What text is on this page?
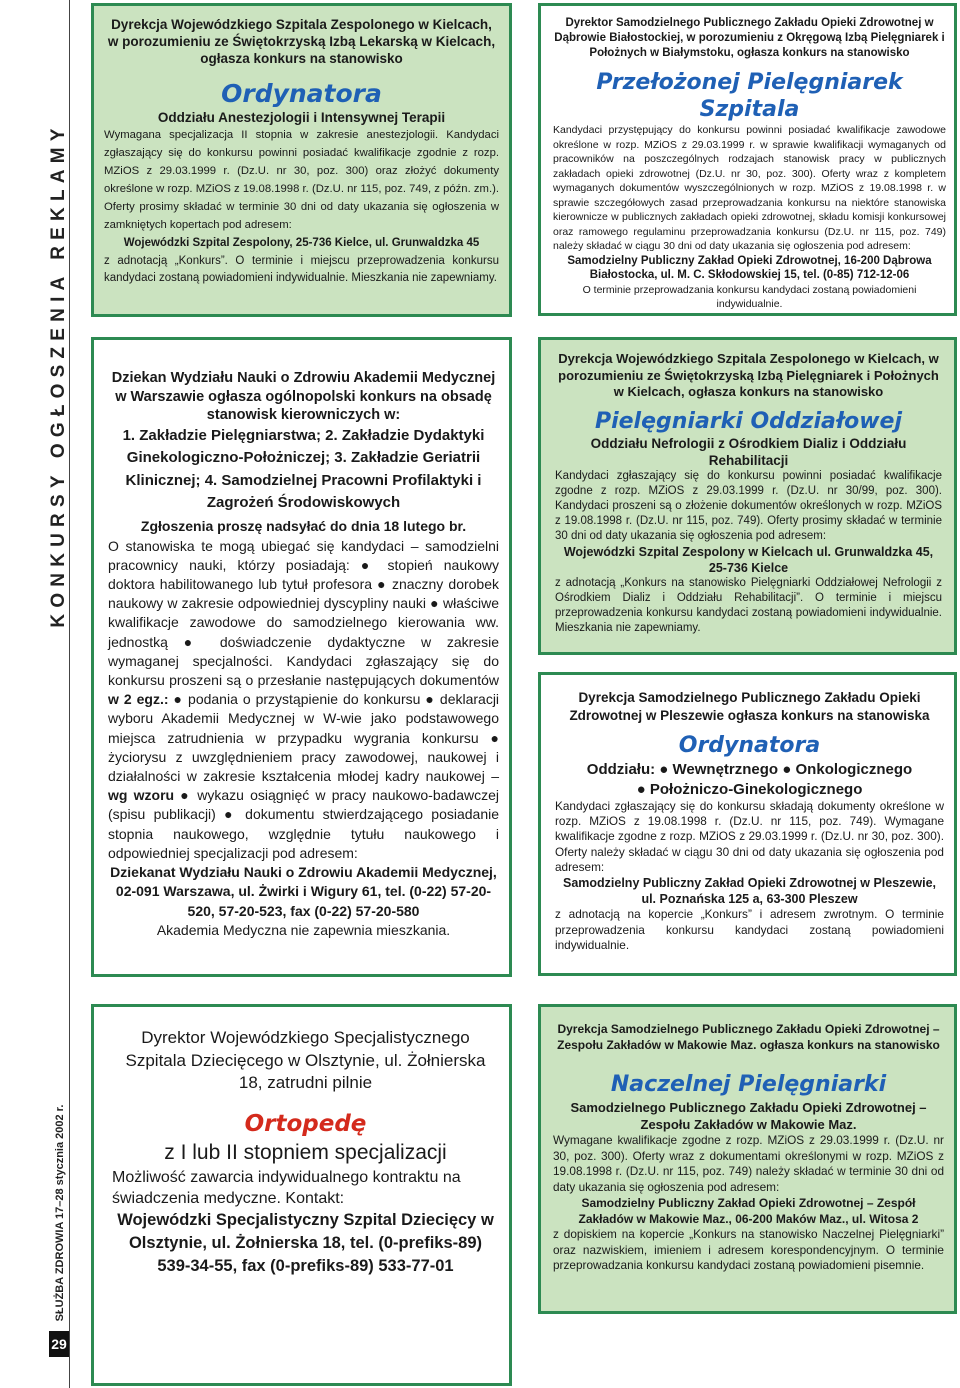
KONKURSY OGŁOSZENIA REKLAMY
SŁUŻBA ZDROWIA 17–28 stycznia 2002 r.
29

Dyrekcja Wojewódzkiego Szpitala Zespolonego w Kielcach, w porozumieniu ze Świętokrzyską Izbą Lekarską w Kielcach, ogłasza konkurs na stanowisko

Ordynatora

Oddziału Anestezjologii i Intensywnej Terapii

Wymagana specjalizacja II stopnia w zakresie anestezjologii. Kandydaci zgłaszający się do konkursu powinni posiadać kwalifikacje zgodnie z rozp. MZiOS z 29.03.1999 r. (Dz.U. nr 30, poz. 300) oraz złożyć dokumenty określone w rozp. MZiOS z 19.08.1998 r. (Dz.U. nr 115, poz. 749, z późn. zm.). Oferty prosimy składać w terminie 30 dni od daty ukazania się ogłoszenia w zamkniętych kopertach pod adresem:

Wojewódzki Szpital Zespolony, 25-736 Kielce, ul. Grunwaldzka 45

z adnotacją „Konkurs”. O terminie i miejscu przeprowadzenia konkursu kandydaci zostaną powiadomieni indywidualnie. Mieszkania nie zapewniamy.

Dziekan Wydziału Nauki o Zdrowiu Akademii Medycznej w Warszawie ogłasza ogólnopolski konkurs na obsadę stanowisk kierowniczych w:

1. Zakładzie Pielęgniarstwa; 2. Zakładzie Dydaktyki Ginekologiczno-Położniczej; 3. Zakładzie Geriatrii Klinicznej; 4. Samodzielnej Pracowni Profilaktyki i Zagrożeń Środowiskowych

Zgłoszenia proszę nadsyłać do dnia 18 lutego br.

O stanowiska te mogą ubiegać się kandydaci – samodzielni pracownicy nauki, którzy posiadają: ●	stopień naukowy doktora habilitowanego lub tytuł profesora ● znaczny dorobek naukowy w zakresie odpowiedniej dyscypliny nauki ● właściwe kwalifikacje zawodowe do samodzielnego kierowania ww. jednostką ●	doświadczenie dydaktyczne w zakresie wymaganej specjalności. Kandydaci zgłaszający się do konkursu proszeni są o przesłanie następujących dokumentów w 2 egz.: ● podania o przystąpienie do konkursu ● deklaracji wyboru Akademii Medycznej w W-wie jako podstawowego miejsca zatrudnienia w przypadku wygrania konkursu ● życiorysu z uwzględnieniem pracy zawodowej, naukowej i działalności w zakresie kształcenia młodej kadry naukowej – wg wzoru ● wykazu osiągnięć w pracy naukowo-badawczej (spisu publikacji) ● dokumentu stwierdzającego posiadanie stopnia naukowego, względnie tytułu naukowego i odpowiedniej specjalizacji pod adresem:

Dziekanat Wydziału Nauki o Zdrowiu Akademii Medycznej, 02-091 Warszawa, ul. Żwirki i Wigury 61, tel. (0-22) 57-20-520, 57-20-523, fax (0-22) 57-20-580

Akademia Medyczna nie zapewnia mieszkania.

Dyrektor Wojewódzkiego Specjalistycznego Szpitala Dziecięcego w Olsztynie, ul. Żołnierska 18, zatrudni pilnie

Ortopedę

z I lub II stopniem specjalizacji

Możliwość zawarcia indywidualnego kontraktu na świadczenia medyczne. Kontakt:

Wojewódzki Specjalistyczny Szpital Dziecięcy w Olsztynie, ul. Żołnierska 18, tel. (0-prefiks-89) 539-34-55, fax (0-prefiks-89) 533-77-01

Dyrektor Samodzielnego Publicznego Zakładu Opieki Zdrowotnej w Dąbrowie Białostockiej, w porozumieniu z Okręgową Izbą Pielęgniarek i Położnych w Białymstoku, ogłasza konkurs na stanowisko

Przełożonej Pielęgniarek Szpitala

Kandydaci przystępujący do konkursu powinni posiadać kwalifikacje zawodowe określone w rozp. MZiOS z 29.03.1999 r. w sprawie kwalifikacji wymaganych od pracowników na poszczególnych rodzajach stanowisk pracy w publicznych zakładach opieki zdrowotnej (Dz.U. nr 30, poz. 300). Oferty wraz z kompletem wymaganych dokumentów wyszczególnionych w rozp. MZiOS z 19.08.1998 r. w sprawie szczegółowych zasad przeprowadzania konkursu na niektóre stanowiska kierownicze w publicznych zakładach opieki zdrowotnej, składu komisji konkursowej oraz ramowego regulaminu przeprowadzania konkursu (Dz.U. nr 115, poz. 749) należy składać w ciągu 30 dni od daty ukazania się ogłoszenia pod adresem:

Samodzielny Publiczny Zakład Opieki Zdrowotnej, 16-200 Dąbrowa Białostocka, ul. M. C. Skłodowskiej 15, tel. (0-85) 712-12-06

O terminie przeprowadzania konkursu kandydaci zostaną powiadomieni indywidualnie.

Dyrekcja Wojewódzkiego Szpitala Zespolonego w Kielcach, w porozumieniu ze Świętokrzyską Izbą Pielęgniarek i Położnych w Kielcach, ogłasza konkurs na stanowisko

Pielęgniarki Oddziałowej

Oddziału Nefrologii z Ośrodkiem Dializ i Oddziału Rehabilitacji

Kandydaci zgłaszający się do konkursu powinni posiadać kwalifikacje zgodne z rozp. MZiOS z 29.03.1999 r. (Dz.U. nr 30/99, poz. 300). Kandydaci proszeni są o złożenie dokumentów określonych w rozp. MZiOS z 19.08.1998 r. (Dz.U. nr 115, poz. 749). Oferty prosimy składać w terminie 30 dni od daty ukazania się ogłoszenia pod adresem:

Wojewódzki Szpital Zespolony w Kielcach ul. Grunwaldzka 45, 25-736 Kielce

z adnotacją „Konkurs na stanowisko Pielęgniarki Oddziałowej Nefrologii z Ośrodkiem Dializ i Oddziału Rehabilitacji”. O terminie i miejscu przeprowadzenia konkursu kandydaci zostaną powiadomieni indywidualnie. Mieszkania nie zapewniamy.

Dyrekcja Samodzielnego Publicznego Zakładu Opieki Zdrowotnej w Pleszewie ogłasza konkurs na stanowiska

Ordynatora

Oddziału: ● Wewnętrznego ● Onkologicznego
● Położniczo-Ginekologicznego

Kandydaci zgłaszający się do konkursu składają dokumenty określone w rozp. MZiOS z 19.08.1998 r. (Dz.U. nr 115, poz. 749). Wymagane kwalifikacje zgodne z rozp. MZiOS z 29.03.1999 r. (Dz.U. nr 30, poz. 300). Oferty należy składać w ciągu 30 dni od daty ukazania się ogłoszenia pod adresem:

Samodzielny Publiczny Zakład Opieki Zdrowotnej w Pleszewie, ul. Poznańska 125 a, 63-300 Pleszew

z adnotacją na kopercie „Konkurs” i adresem zwrotnym. O terminie przeprowadzenia konkursu kandydaci zostaną powiadomieni indywidualnie.

Dyrekcja Samodzielnego Publicznego Zakładu Opieki Zdrowotnej – Zespołu Zakładów w Makowie Maz. ogłasza konkurs na stanowisko

Naczelnej Pielęgniarki

Samodzielnego Publicznego Zakładu Opieki Zdrowotnej – Zespołu Zakładów w Makowie Maz.

Wymagane kwalifikacje zgodne z rozp. MZiOS z 29.03.1999 r. (Dz.U. nr 30, poz. 300). Oferty wraz z dokumentami określonymi w rozp. MZiOS z 19.08.1998 r. (Dz.U. nr 115, poz. 749) należy składać w terminie 30 dni od daty ukazania się ogłoszenia pod adresem:

Samodzielny Publiczny Zakład Opieki Zdrowotnej – Zespół Zakładów w Makowie Maz., 06-200 Maków Maz., ul. Witosa 2

z dopiskiem na kopercie „Konkurs na stanowisko Naczelnej Pielęgniarki” oraz nazwiskiem, imieniem i adresem korespondencyjnym. O terminie przeprowadzania konkursu kandydaci zostaną powiadomieni pisemnie.
